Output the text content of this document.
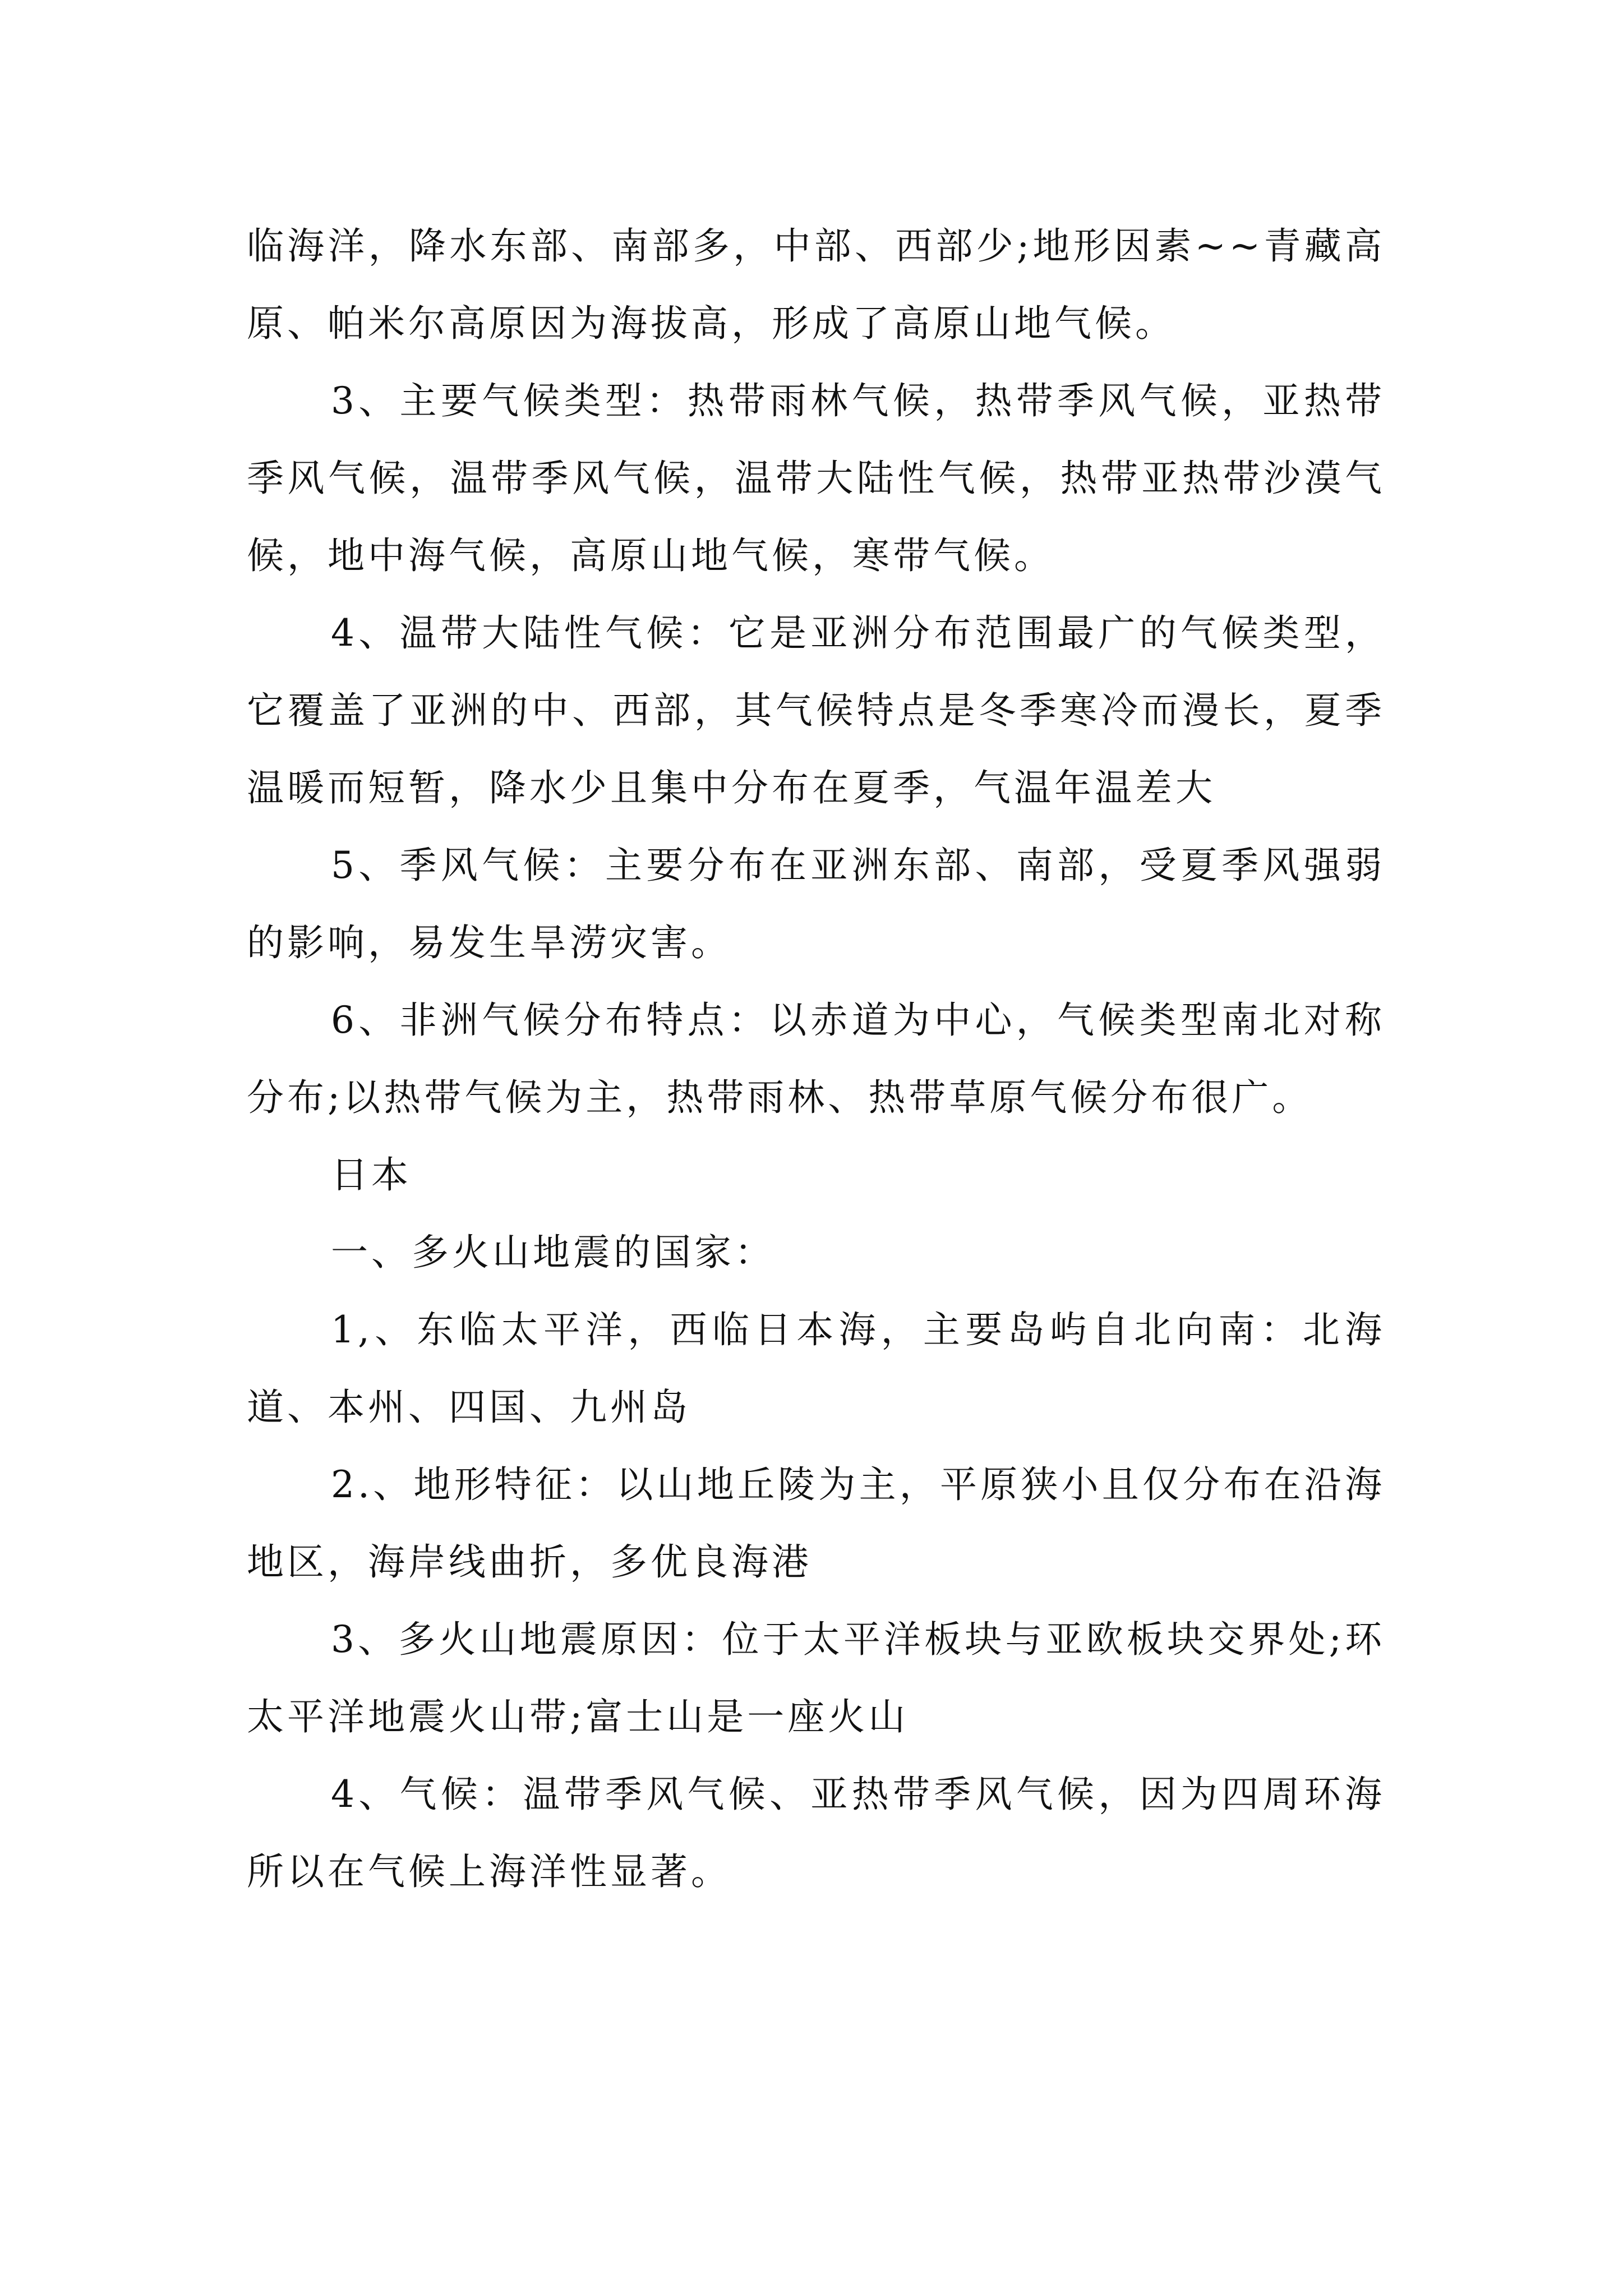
临海洋，降水东部、南部多，中部、西部少;地形因素~~青藏高原、帕米尔高原因为海拔高，形成了高原山地气候。

3、主要气候类型：热带雨林气候，热带季风气候，亚热带季风气候，温带季风气候，温带大陆性气候，热带亚热带沙漠气候，地中海气候，高原山地气候，寒带气候。

4、温带大陆性气候：它是亚洲分布范围最广的气候类型，它覆盖了亚洲的中、西部，其气候特点是冬季寒冷而漫长，夏季温暖而短暂，降水少且集中分布在夏季，气温年温差大

5、季风气候：主要分布在亚洲东部、南部，受夏季风强弱的影响，易发生旱涝灾害。

6、非洲气候分布特点：以赤道为中心，气候类型南北对称分布;以热带气候为主，热带雨林、热带草原气候分布很广。

日本

一、多火山地震的国家：

1,、东临太平洋，西临日本海，主要岛屿自北向南：北海道、本州、四国、九州岛

2.、地形特征：以山地丘陵为主，平原狭小且仅分布在沿海地区，海岸线曲折，多优良海港

3、多火山地震原因：位于太平洋板块与亚欧板块交界处;环太平洋地震火山带;富士山是一座火山

4、气候：温带季风气候、亚热带季风气候，因为四周环海所以在气候上海洋性显著。
